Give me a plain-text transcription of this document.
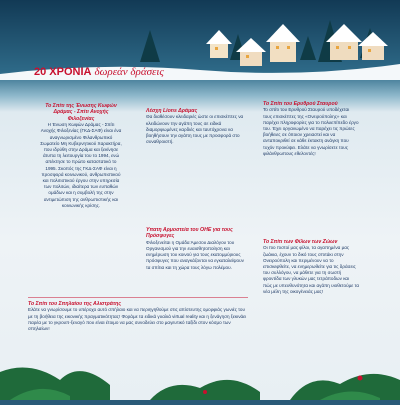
20 ΧΡΟΝΙΑ δωρεάν δράσεις

Το Σπίτι της Ένωσης Κωφών Δράμας - Σπίτι Ανοχής Φιλοξενίας

Η Ένωση Κωφών Δράμας - Σπίτι Ανοχής Φιλοξενίας (ΓΚΔ-ΣΑΦ) είναι ένα αναγνωρισμένο Φιλανθρωπικό Σωματείο Μη Κυβερνητικού Χαρακτήρα, που ιδρύθη στην Δράμα και ξεκίνησε άτυπα τη λειτουργία του το 1994, ενώ απέκτησε το πρώτο καταστατικό το 1995. Σκοπός της ΓΚΔ-ΣΑΦ είναι η προσφορά κοινωνικού, ανθρωπιστικού και πολιτιστικού έργου στην υπηρεσία των πολιτών, ιδιαίτερα των ευπαθών ομάδων και η συμβολή της στην αντιμετώπιση της ανθρωπιστικής και κοινωνικής κρίσης.

Λέσχη Lions Δράμας

Θα διαθέσουν κλειδαριές ώστε οι επισκέπτες να κλειδώνουν την αγάπη τους σε ειδικά διαμορφωμένες καρδιές και ταυτόχρονα να βοηθήσουν την αγάπη τους με προσφορά στο συναθροιστή.

Το Σπίτι του Ερυθρού Σταυρού

Το σπίτι του Ερυθρού Σταυρού υποδέχεται τους επισκέπτες της «Ονειρούπολης» και παρέχει πληροφορίες για το πολυεπίπεδο έργο του. Έχει οργανωμένο να παρέχει τις πρώτες βοήθειες σε όποιον χρειαστεί και να ανταποκριθεί σε κάθε έκτακτη ανάγκη που τυχόν προκύψει. Ελάτε να γνωρίσετε τους φιλάνθρωπους εθελοντές!

Υπατη Αρμοστεία του ΟΗΕ για τους Πρόσφυγες

Φιλοξενείται η Ομάδα Άμεσου Διαλόγου του Οργανισμού για την ευαισθητοποίηση και ενημέρωση του κοινού για τους εκατομμύριους πρόσφυγες που αναγκάζονται να εγκαταλείψουν τα σπίτια και τη χώρα τους λόγω πολέμου.

Το Σπίτι των Φίλων των Ζώων

Οι πιο πιστοί μας φίλοι, τα αγαπημένα μας ζωάκια, έχουν το δικό τους σπιτάκι στην Ονειρούπολη και περιμένουν να το επισκεφθείτε, να ενημερωθείτε για τις δράσεις του συλλόγου, να μάθετε για τη σωστή φροντίδα των γλυκών μας τετράποδων και πώς με υπευθυνότητα και αγάπη υιοθετούμε τα νέα μέλη της οικογένειάς μας!

Το Σπίτι του Σπηλαίου της Αλιστράτης

Ελάτε να γνωρίσουμε το υπέροχο αυτό σπήλαιο και να περιηγηθούμε στις απίστευτης ομορφιάς γωνιές του με τη βοήθεια της εικονικής πραγματικότητας! Φοράμε τα ειδικά γυαλιά virtual reality και η ξενάγηση ξεκινάει παρέα με το γκρουπ-ξεναγό που είναι έτοιμο να μας συνοδεύει στο μαγευτικό ταξίδι στον κόσμο των σπηλαίων!
